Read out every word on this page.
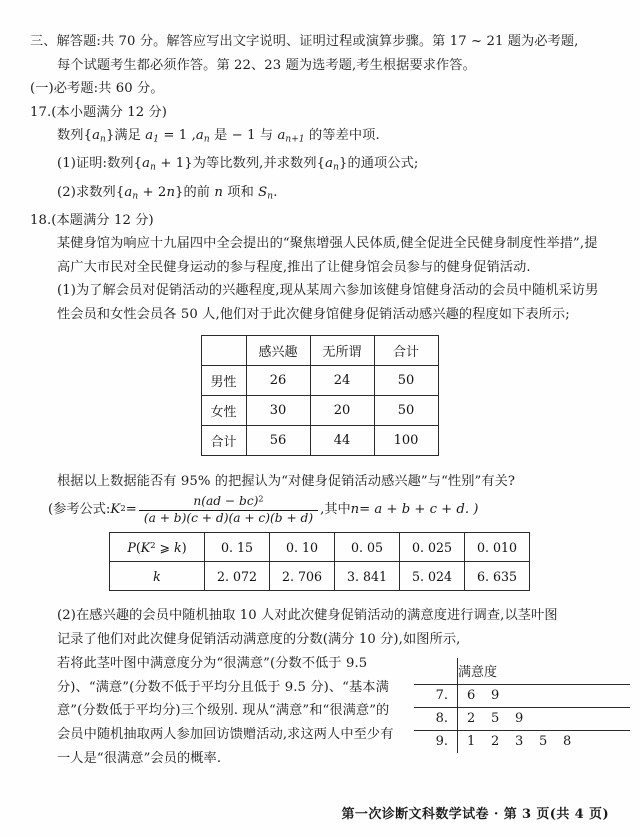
三、解答题:共 70 分。解答应写出文字说明、证明过程或演算步骤。第 17 ~ 21 题为必考题,
每个试题考生都必须作答。第 22、23 题为选考题,考生根据要求作答。
(一)必考题:共 60 分。
17.(本小题满分 12 分)
数列$\{a_n\}$满足 $a_1 = 1$ $,a_n$ 是 − 1 与 $a_{n+1}$ 的等差中项.
(1)证明:数列$\{a_n + 1\}$为等比数列,并求数列$\{a_n\}$的通项公式;
(2)求数列$\{a_n + 2n\}$的前 n 项和 $S_n$.
18.(本题满分 12 分)
某健身馆为响应十九届四中全会提出的“聚焦增强人民体质,健全促进全民健身制度性举措”,提高广大市民对全民健身运动的参与程度,推出了让健身馆会员参与的健身促销活动.
(1)为了解会员对促销活动的兴趣程度,现从某周六参加该健身馆健身活动的会员中随机采访男性会员和女性会员各 50 人,他们对于此次健身馆健身促销活动感兴趣的程度如下表所示;
	感兴趣	无所谓	合计
男性	26	24	50
女性	30	20	50
合计	56	44	100
根据以上数据能否有 95% 的把握认为“对健身促销活动感兴趣”与“性别”有关?
(参考公式: K $2 = \frac{n(ad - bc)^2}{(a + b)(c + d)(a + c)(b + d)}$ ,其中 n = a + b + c + d. )
$P(K^2$ ⩾ k)	0. 15	0. 10	0. 05	0. 025	0. 010
k	2. 072	2. 706	3. 841	5. 024	6. 635
(2)在感兴趣的会员中随机抽取 10 人对此次健身促销活动的满意度进行调查,以茎叶图
记录了他们对此次健身促销活动满意度的分数(满分 10 分),如图所示,
若将此茎叶图中满意度分为“很满意”(分数不低于 9.5 分)、“满意”(分数不低于平均分且低于 9.5 分)、“基本满意”(分数低于平均分)三个级别. 现从“满意”和“很满意”的会员中随机抽取两人参加回访馈赠活动,求这两人中至少有一人是“很满意”会员的概率.
	满意度
7.	6 9
8.	2 5 9
9.	1 2 3 5 8
第一次诊断文科数学试卷 · 第 3 页(共 4 页)
